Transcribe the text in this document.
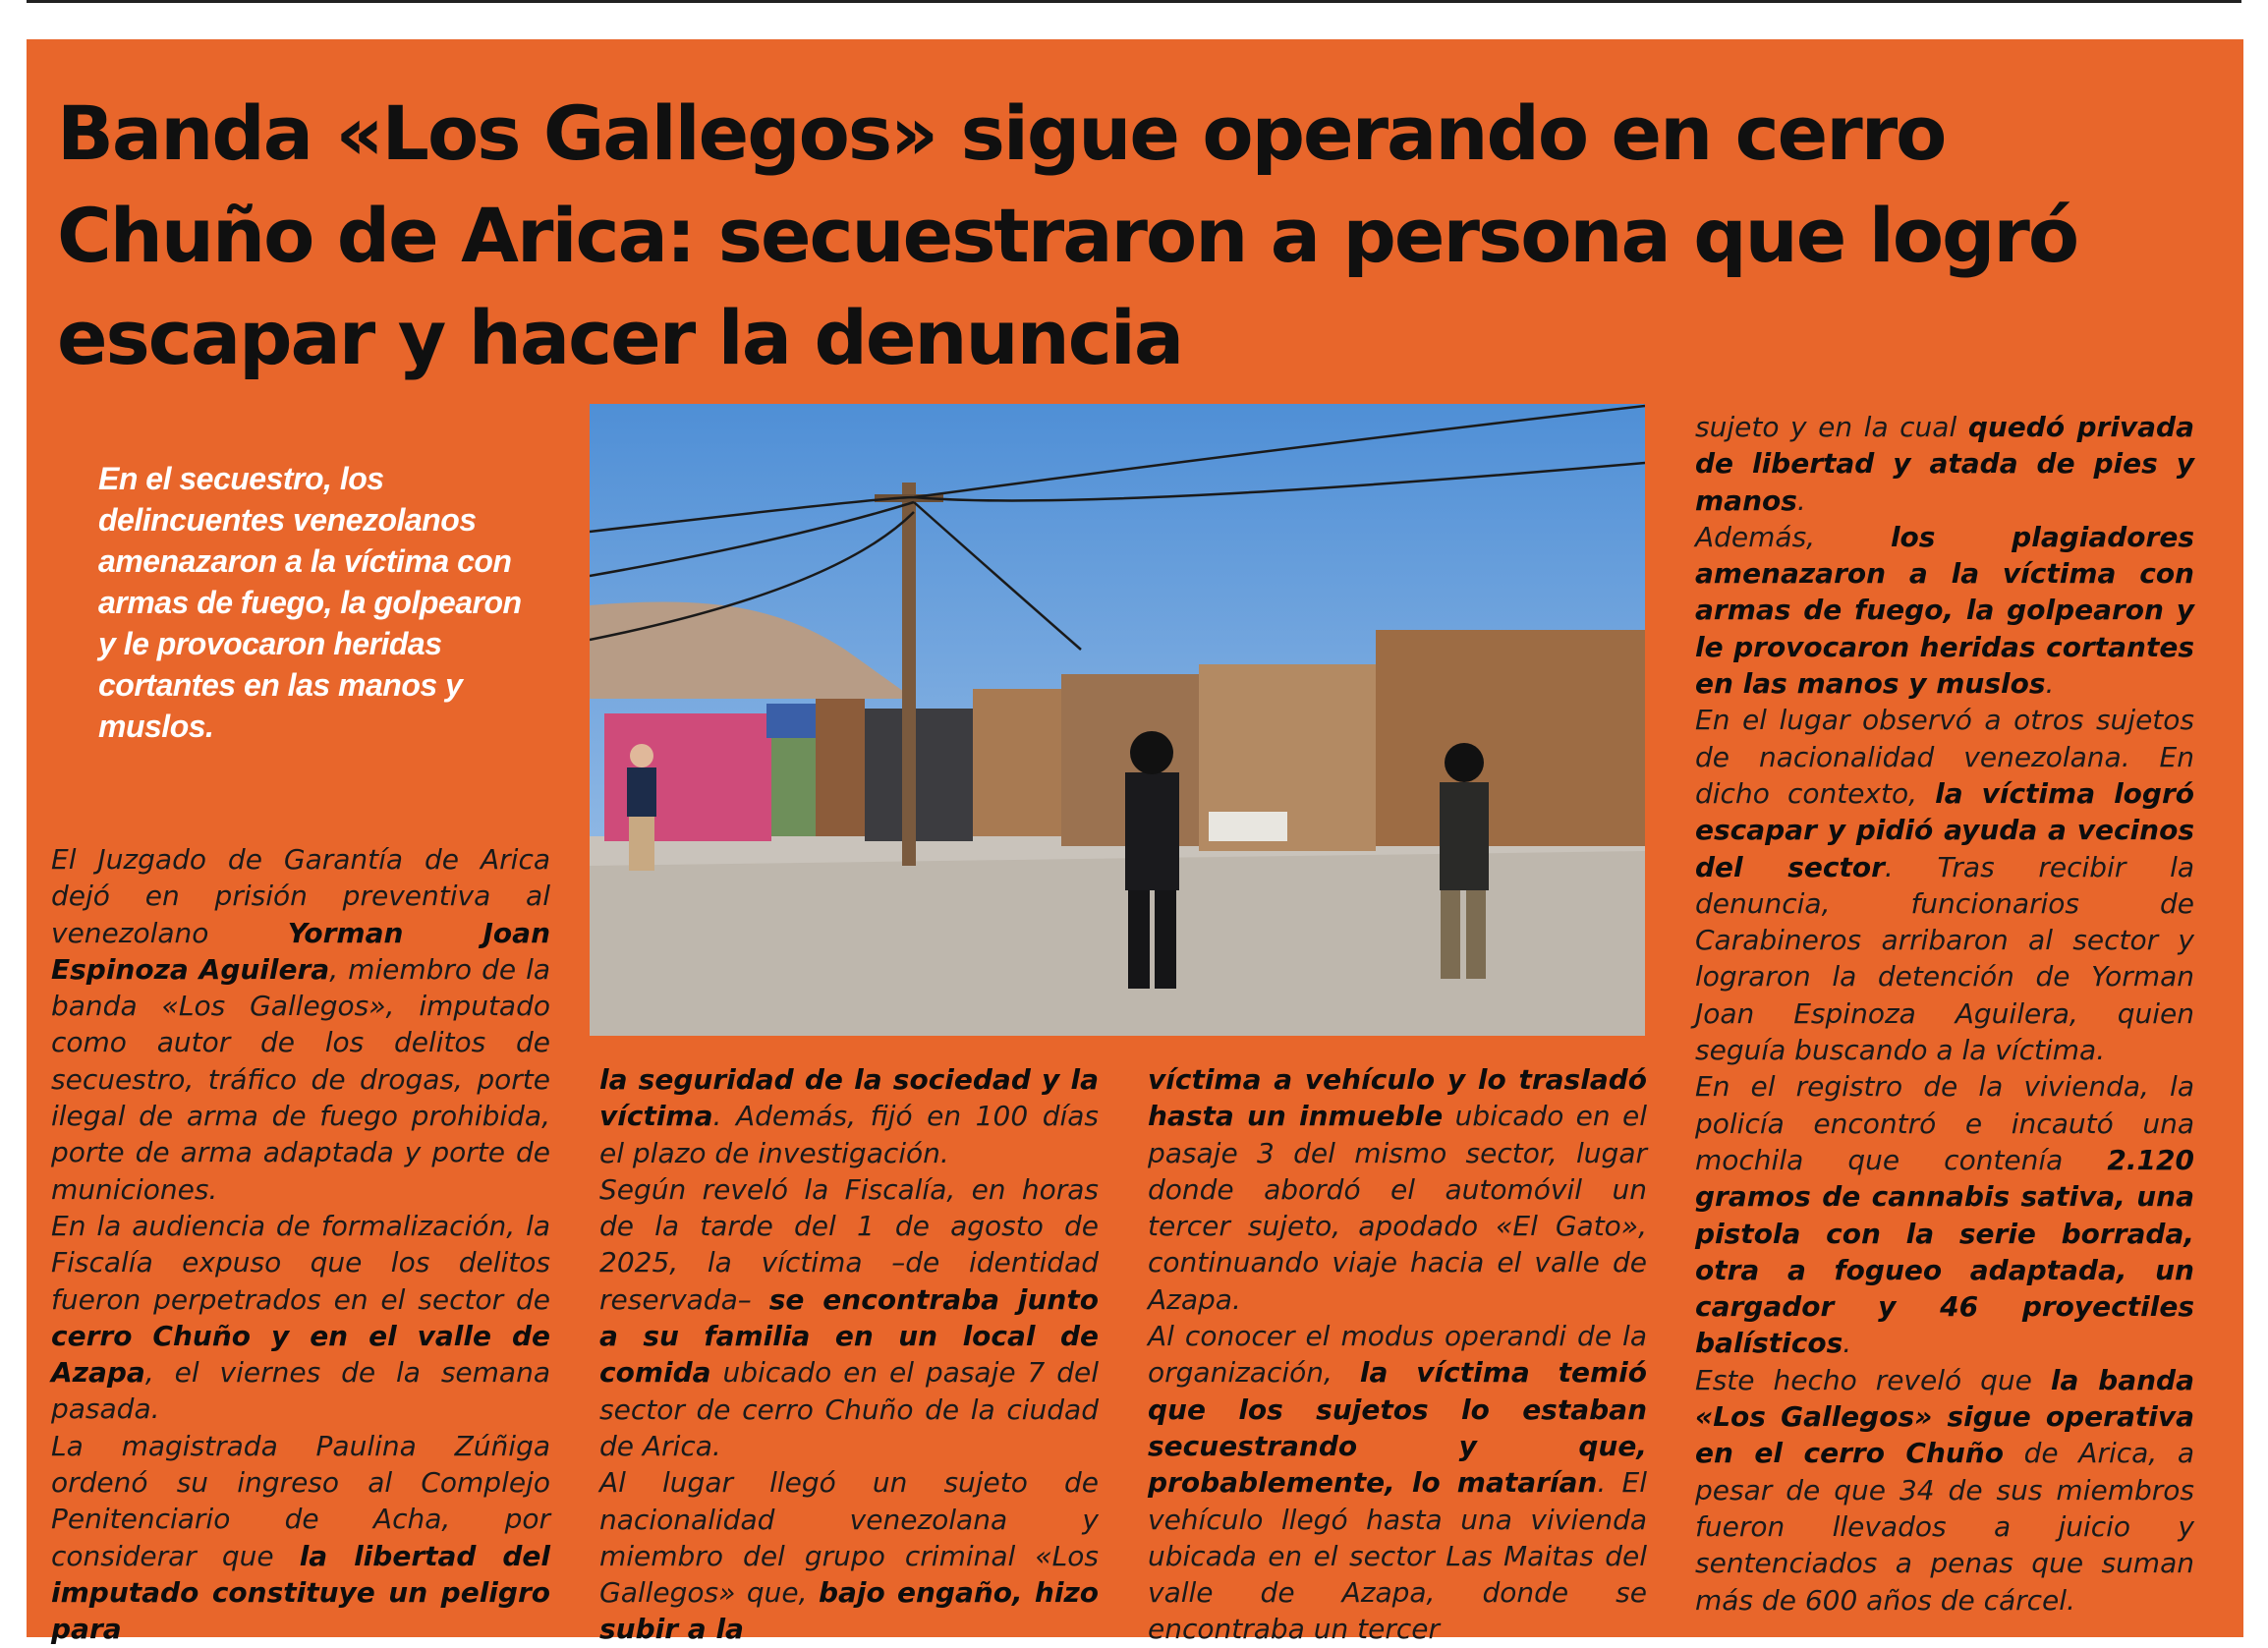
Banda «Los Gallegos» sigue operando en cerro Chuño de Arica: secuestraron a persona que logró escapar y hacer la denuncia

En el secuestro, los delincuentes venezolanos amenazaron a la víctima con armas de fuego, la golpearon y le provocaron heridas cortantes en las manos y muslos.

El Juzgado de Garantía de Arica dejó en prisión preventiva al venezolano Yorman Joan Espinoza Aguilera, miembro de la banda «Los Gallegos», imputado como autor de los delitos de secuestro, tráfico de drogas, porte ilegal de arma de fuego prohibida, porte de arma adaptada y porte de municiones.

En la audiencia de formalización, la Fiscalía expuso que los delitos fueron perpetrados en el sector de cerro Chuño y en el valle de Azapa, el viernes de la semana pasada.

La magistrada Paulina Zúñiga ordenó su ingreso al Complejo Penitenciario de Acha, por considerar que la libertad del imputado constituye un peligro para

la seguridad de la sociedad y la víctima. Además, fijó en 100 días el plazo de investigación.

Según reveló la Fiscalía, en horas de la tarde del 1 de agosto de 2025, la víctima –de identidad reservada– se encontraba junto a su familia en un local de comida ubicado en el pasaje 7 del sector de cerro Chuño de la ciudad de Arica.

Al lugar llegó un sujeto de nacionalidad venezolana y miembro del grupo criminal «Los Gallegos» que, bajo engaño, hizo subir a la

víctima a vehículo y lo trasladó hasta un inmueble ubicado en el pasaje 3 del mismo sector, lugar donde abordó el automóvil un tercer sujeto, apodado «El Gato», continuando viaje hacia el valle de Azapa.

Al conocer el modus operandi de la organización, la víctima temió que los sujetos lo estaban secuestrando y que, probablemente, lo matarían. El vehículo llegó hasta una vivienda ubicada en el sector Las Maitas del valle de Azapa, donde se encontraba un tercer

sujeto y en la cual quedó privada de libertad y atada de pies y manos.

Además, los plagiadores amenazaron a la víctima con armas de fuego, la golpearon y le provocaron heridas cortantes en las manos y muslos.

En el lugar observó a otros sujetos de nacionalidad venezolana. En dicho contexto, la víctima logró escapar y pidió ayuda a vecinos del sector. Tras recibir la denuncia, funcionarios de Carabineros arribaron al sector y lograron la detención de Yorman Joan Espinoza Aguilera, quien seguía buscando a la víctima.

En el registro de la vivienda, la policía encontró e incautó una mochila que contenía 2.120 gramos de cannabis sativa, una pistola con la serie borrada, otra a fogueo adaptada, un cargador y 46 proyectiles balísticos.

Este hecho reveló que la banda «Los Gallegos» sigue operativa en el cerro Chuño de Arica, a pesar de que 34 de sus miembros fueron llevados a juicio y sentenciados a penas que suman más de 600 años de cárcel.
